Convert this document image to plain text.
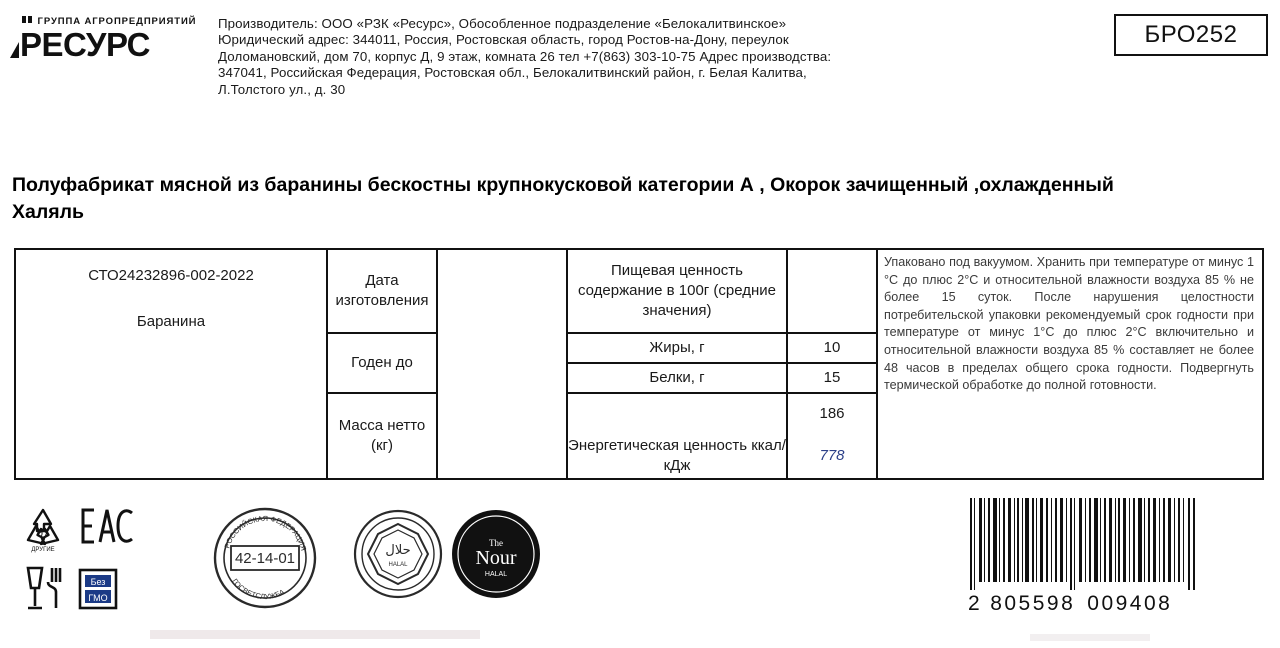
ГРУППА АГРОПРЕДПРИЯТИЙ
РЕСУРС
Производитель: ООО «РЗК «Ресурс», Обособленное подразделение «Белокалитвинское»
Юридический адрес: 344011, Россия, Ростовская область, город Ростов-на-Дону, переулок
Доломановский, дом 70, корпус Д, 9 этаж, комната 26 тел +7(863) 303-10-75 Адрес производства:
347041, Российская Федерация, Ростовская обл., Белокалитвинский район, г. Белая Калитва,
Л.Толстого ул., д. 30
БРО252
Полуфабрикат мясной из баранины бескостны крупнокусковой категории А , Окорок зачищенный ,охлажденный Халяль
СТО24232896-002-2022
Баранина
Дата изготовления
Годен до
Масса нетто (кг)
Пищевая ценность содержание в 100г (средние значения)
Жиры, г
Белки, г
Энергетическая ценность ккал/кДж
10
15
186
778
Упаковано под вакуумом. Хранить при температуре от минус 1 °С до плюс 2°С и относительной влажности воздуха 85 % не более 15 суток. После нарушения целостности потребительской упаковки рекомендуемый срок годности при температуре от минус 1°С до плюс 2°С включительно и относительной влажности воздуха 85 % составляет не более 48 часов в пределах общего срока годности. Подвергнуть термической обработке до полной готовности.
07
ДРУГИЕ
Без
ГМО
42-14-01
РОССИЙСКАЯ ФЕДЕРАЦИЯ
ГОСВЕТСЛУЖБА
حلال
HALAL
The
Nour
HALAL
2 805598 009408
